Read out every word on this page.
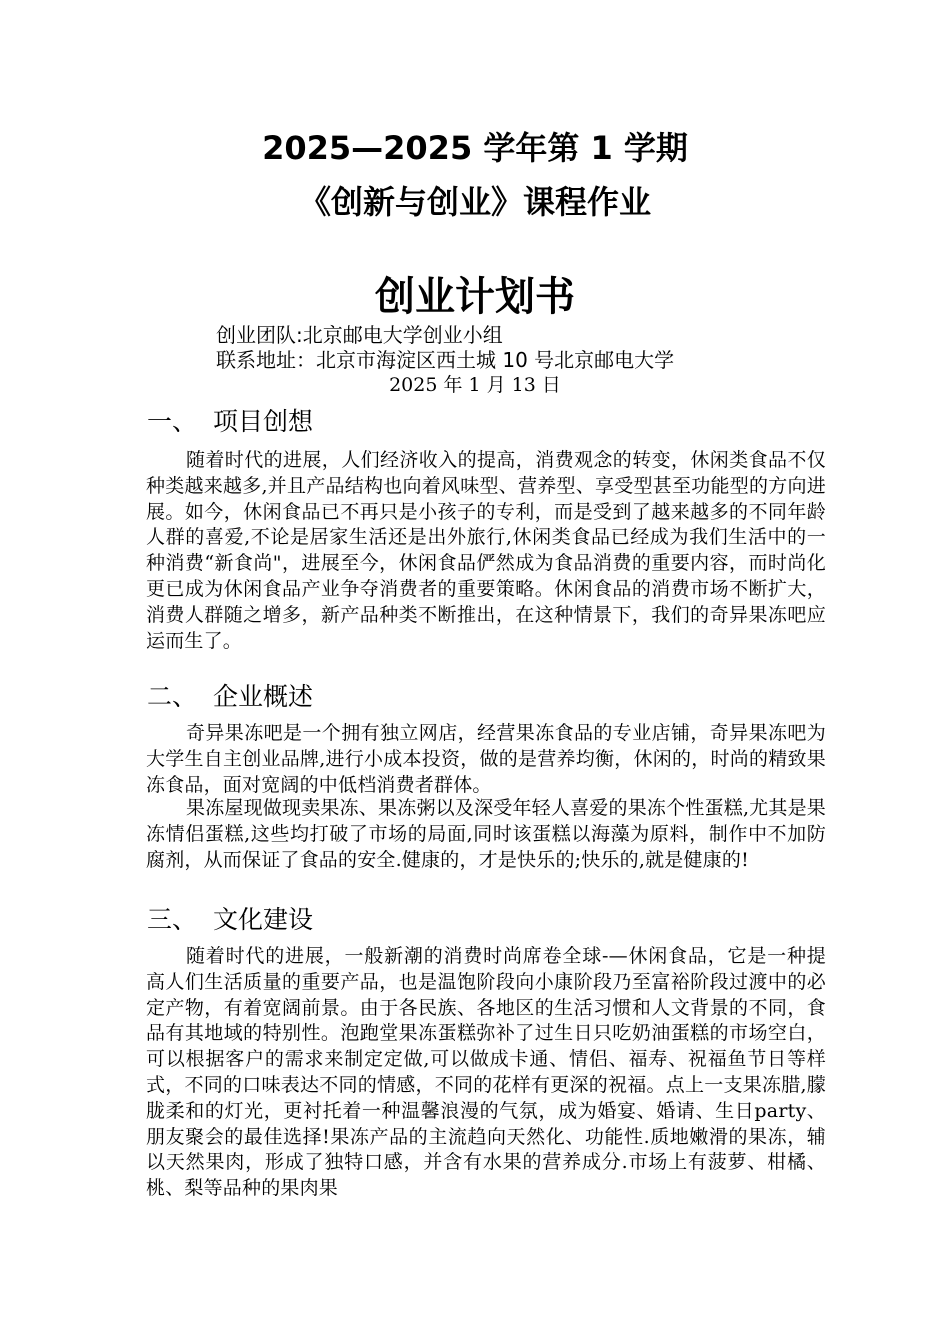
2025—2025 学年第 1 学期
《创新与创业》课程作业
创业计划书
创业团队:北京邮电大学创业小组
联系地址：北京市海淀区西土城 10 号北京邮电大学
2025 年 1 月 13 日
一、 项目创想

随着时代的进展，人们经济收入的提高，消费观念的转变，休闲类食品不仅种类越来越多,并且产品结构也向着风味型、营养型、享受型甚至功能型的方向进展。如今，休闲食品已不再只是小孩子的专利，而是受到了越来越多的不同年龄人群的喜爱,不论是居家生活还是出外旅行,休闲类食品已经成为我们生活中的一种消费“新食尚"，进展至今，休闲食品俨然成为食品消费的重要内容，而时尚化更已成为休闲食品产业争夺消费者的重要策略。休闲食品的消费市场不断扩大，消费人群随之增多，新产品种类不断推出，在这种情景下，我们的奇异果冻吧应运而生了。

二、 企业概述

奇异果冻吧是一个拥有独立网店，经营果冻食品的专业店铺，奇异果冻吧为大学生自主创业品牌,进行小成本投资，做的是营养均衡，休闲的，时尚的精致果冻食品，面对宽阔的中低档消费者群体。

果冻屋现做现卖果冻、果冻粥以及深受年轻人喜爱的果冻个性蛋糕,尤其是果冻情侣蛋糕,这些均打破了市场的局面,同时该蛋糕以海藻为原料，制作中不加防腐剂，从而保证了食品的安全.健康的，才是快乐的;快乐的,就是健康的!

三、 文化建设

随着时代的进展，一般新潮的消费时尚席卷全球-—休闲食品，它是一种提高人们生活质量的重要产品，也是温饱阶段向小康阶段乃至富裕阶段过渡中的必定产物，有着宽阔前景。由于各民族、各地区的生活习惯和人文背景的不同，食品有其地域的特别性。泡跑堂果冻蛋糕弥补了过生日只吃奶油蛋糕的市场空白，可以根据客户的需求来制定定做,可以做成卡通、情侣、福寿、祝福鱼节日等样式，不同的口味表达不同的情感，不同的花样有更深的祝福。点上一支果冻腊,朦胧柔和的灯光，更衬托着一种温馨浪漫的气氛，成为婚宴、婚请、生日party、朋友聚会的最佳选择!果冻产品的主流趋向天然化、功能性.质地嫩滑的果冻，辅以天然果肉，形成了独特口感，并含有水果的营养成分.市场上有菠萝、柑橘、桃、梨等品种的果肉果
